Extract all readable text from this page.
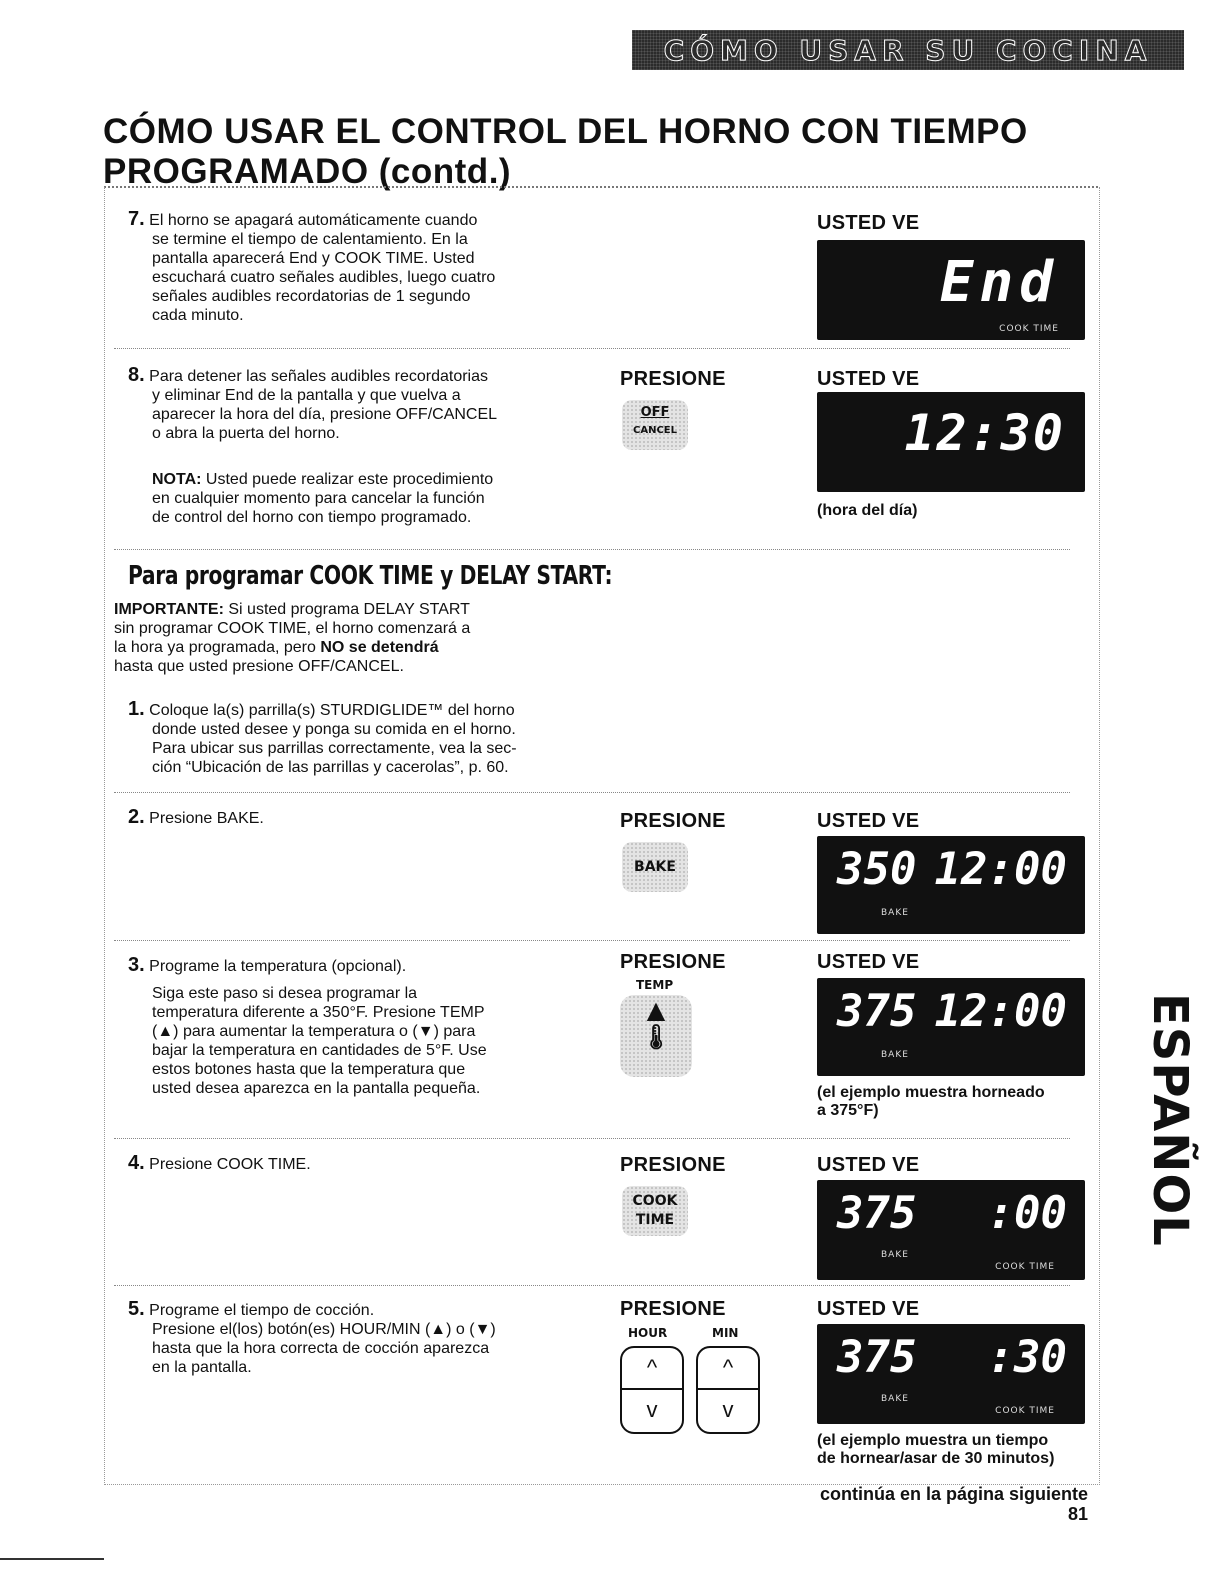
CÓMO USAR SU COCINA
CÓMO USAR EL CONTROL DEL HORNO CON TIEMPO
PROGRAMADO (contd.)
7. El horno se apagará automáticamente cuando
se termine el tiempo de calentamiento. En la
pantalla aparecerá End y COOK TIME. Usted
escuchará cuatro señales audibles, luego cuatro
señales audibles recordatorias de 1 segundo
cada minuto.
USTED VE
End
COOK TIME
8. Para detener las señales audibles recordatorias
y eliminar End de la pantalla y que vuelva a
aparecer la hora del día, presione OFF/CANCEL
o abra la puerta del horno.
NOTA: Usted puede realizar este procedimiento
en cualquier momento para cancelar la función
de control del horno con tiempo programado.
PRESIONE
OFF
CANCEL
USTED VE
12:30
(hora del día)
Para programar COOK TIME y DELAY START:
IMPORTANTE: Si usted programa DELAY START
sin programar COOK TIME, el horno comenzará a
la hora ya programada, pero NO se detendrá
hasta que usted presione OFF/CANCEL.
1. Coloque la(s) parrilla(s) STURDIGLIDE™ del horno
donde usted desee y ponga su comida en el horno.
Para ubicar sus parrillas correctamente, vea la sec-
ción “Ubicación de las parrillas y cacerolas”, p. 60.
2. Presione BAKE.	PRESIONE
BAKE
USTED VE
350 12:00
BAKE
3. Programe la temperatura (opcional).
Siga este paso si desea programar la
temperatura diferente a 350°F. Presione TEMP
(▲) para aumentar la temperatura o (▼) para
bajar la temperatura en cantidades de 5°F. Use
estos botones hasta que la temperatura que
usted desea aparezca en la pantalla pequeña.
PRESIONE
TEMP
▲
🌡
USTED VE
375 12:00
BAKE
(el ejemplo muestra horneado
a 375°F)
4. Presione COOK TIME.	PRESIONE
COOK
TIME
USTED VE
375 :00
BAKE
COOK TIME
5. Programe el tiempo de cocción.
Presione el(los) botón(es) HOUR/MIN (▲) o (▼)
hasta que la hora correcta de cocción aparezca
en la pantalla.
PRESIONE
HOUR	MIN
^
v
^
v
USTED VE
375 :30
BAKE
COOK TIME
(el ejemplo muestra un tiempo
de hornear/asar de 30 minutos)
ESPAÑOL
continúa en la página siguiente
81
